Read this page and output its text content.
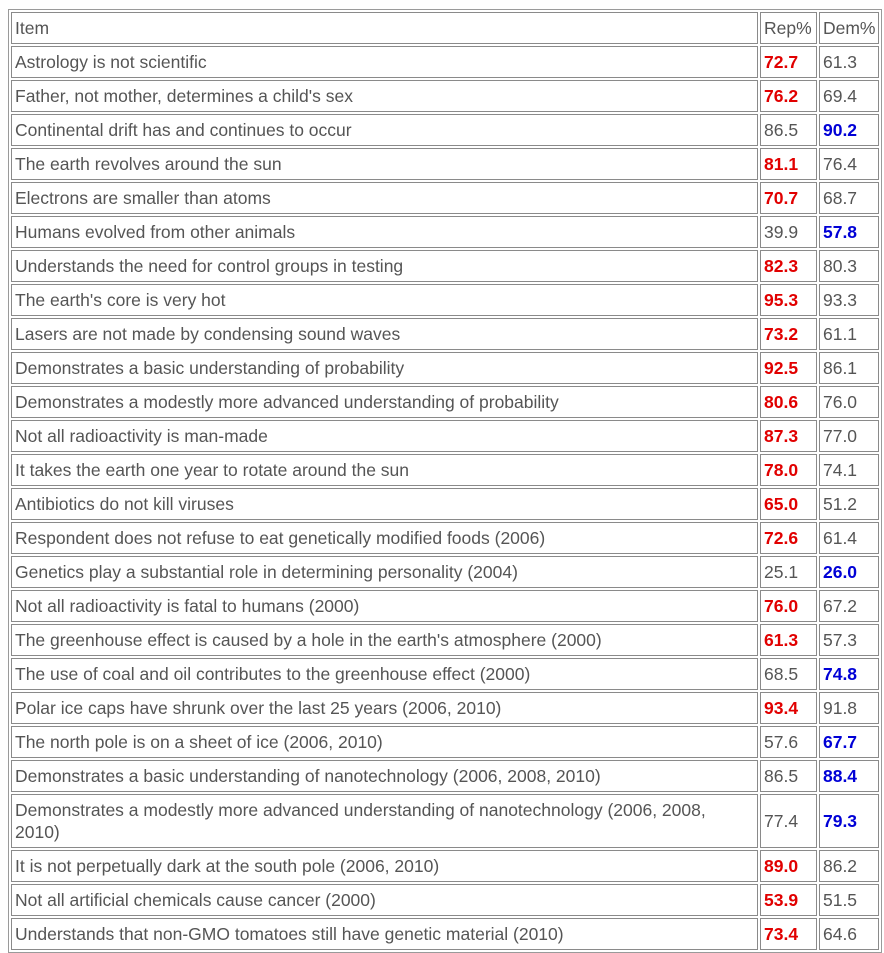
Item	Rep%	Dem%
Astrology is not scientific	72.7	61.3
Father, not mother, determines a child's sex	76.2	69.4
Continental drift has and continues to occur	86.5	90.2
The earth revolves around the sun	81.1	76.4
Electrons are smaller than atoms	70.7	68.7
Humans evolved from other animals	39.9	57.8
Understands the need for control groups in testing	82.3	80.3
The earth's core is very hot	95.3	93.3
Lasers are not made by condensing sound waves	73.2	61.1
Demonstrates a basic understanding of probability	92.5	86.1
Demonstrates a modestly more advanced understanding of probability	80.6	76.0
Not all radioactivity is man-made	87.3	77.0
It takes the earth one year to rotate around the sun	78.0	74.1
Antibiotics do not kill viruses	65.0	51.2
Respondent does not refuse to eat genetically modified foods (2006)	72.6	61.4
Genetics play a substantial role in determining personality (2004)	25.1	26.0
Not all radioactivity is fatal to humans (2000)	76.0	67.2
The greenhouse effect is caused by a hole in the earth's atmosphere (2000)	61.3	57.3
The use of coal and oil contributes to the greenhouse effect (2000)	68.5	74.8
Polar ice caps have shrunk over the last 25 years (2006, 2010)	93.4	91.8
The north pole is on a sheet of ice (2006, 2010)	57.6	67.7
Demonstrates a basic understanding of nanotechnology (2006, 2008, 2010)	86.5	88.4
Demonstrates a modestly more advanced understanding of nanotechnology (2006, 2008, 2010)	77.4	79.3
It is not perpetually dark at the south pole (2006, 2010)	89.0	86.2
Not all artificial chemicals cause cancer (2000)	53.9	51.5
Understands that non-GMO tomatoes still have genetic material (2010)	73.4	64.6
